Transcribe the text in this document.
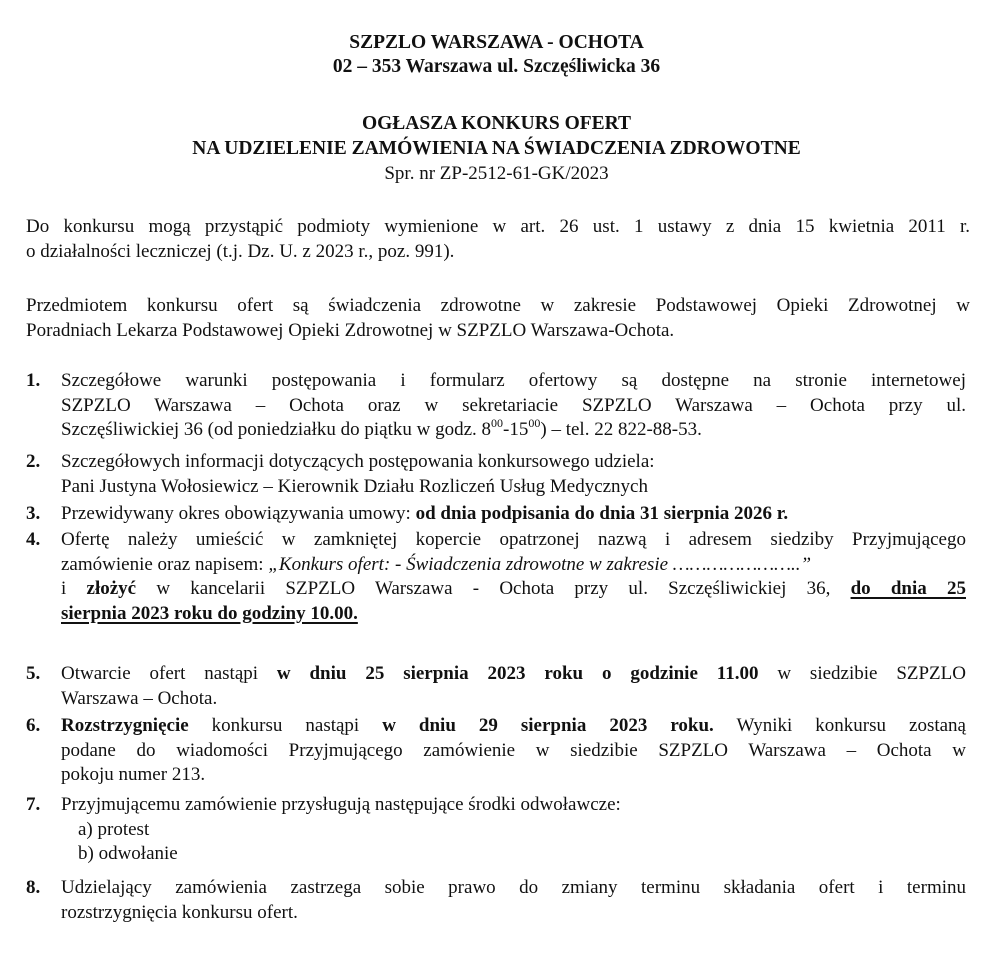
SZPZLO WARSZAWA - OCHOTA
02 – 353 Warszawa ul. Szczęśliwicka 36
OGŁASZA KONKURS OFERT
NA UDZIELENIE ZAMÓWIENIA NA ŚWIADCZENIA ZDROWOTNE
Spr. nr ZP-2512-61-GK/2023
Do konkursu mogą przystąpić podmioty wymienione w art. 26 ust. 1 ustawy z dnia 15 kwietnia 2011 r.
o działalności leczniczej (t.j. Dz. U. z 2023 r., poz. 991).
Przedmiotem konkursu ofert są świadczenia zdrowotne w zakresie Podstawowej Opieki Zdrowotnej w
Poradniach Lekarza Podstawowej Opieki Zdrowotnej w SZPZLO Warszawa-Ochota.
1.	Szczegółowe warunki postępowania i formularz ofertowy są dostępne na stronie internetowej
SZPZLO Warszawa – Ochota oraz w sekretariacie SZPZLO Warszawa – Ochota przy ul.
Szczęśliwickiej 36 (od poniedziałku do piątku w godz. $8^{00}-15^{00}$) – tel. 22 822-88-53.
2.	Szczegółowych informacji dotyczących postępowania konkursowego udziela:
Pani Justyna Wołosiewicz – Kierownik Działu Rozliczeń Usług Medycznych
3.	Przewidywany okres obowiązywania umowy: od dnia podpisania do dnia 31 sierpnia 2026 r.
4.	Ofertę należy umieścić w zamkniętej kopercie opatrzonej nazwą i adresem siedziby Przyjmującego
zamówienie oraz napisem: „Konkurs ofert: - Świadczenia zdrowotne w zakresie …………………..”
i złożyć w kancelarii SZPZLO Warszawa - Ochota przy ul. Szczęśliwickiej 36, do dnia 25
sierpnia 2023 roku do godziny 10.00.
5.	Otwarcie ofert nastąpi w dniu 25 sierpnia 2023 roku o godzinie 11.00 w siedzibie SZPZLO
Warszawa – Ochota.
6.	Rozstrzygnięcie konkursu nastąpi w dniu 29 sierpnia 2023 roku. Wyniki konkursu zostaną
podane do wiadomości Przyjmującego zamówienie w siedzibie SZPZLO Warszawa – Ochota w
pokoju numer 213.
7.	Przyjmującemu zamówienie przysługują następujące środki odwoławcze:
a) protest
b) odwołanie
8.	Udzielający zamówienia zastrzega sobie prawo do zmiany terminu składania ofert i terminu
rozstrzygnięcia konkursu ofert.
